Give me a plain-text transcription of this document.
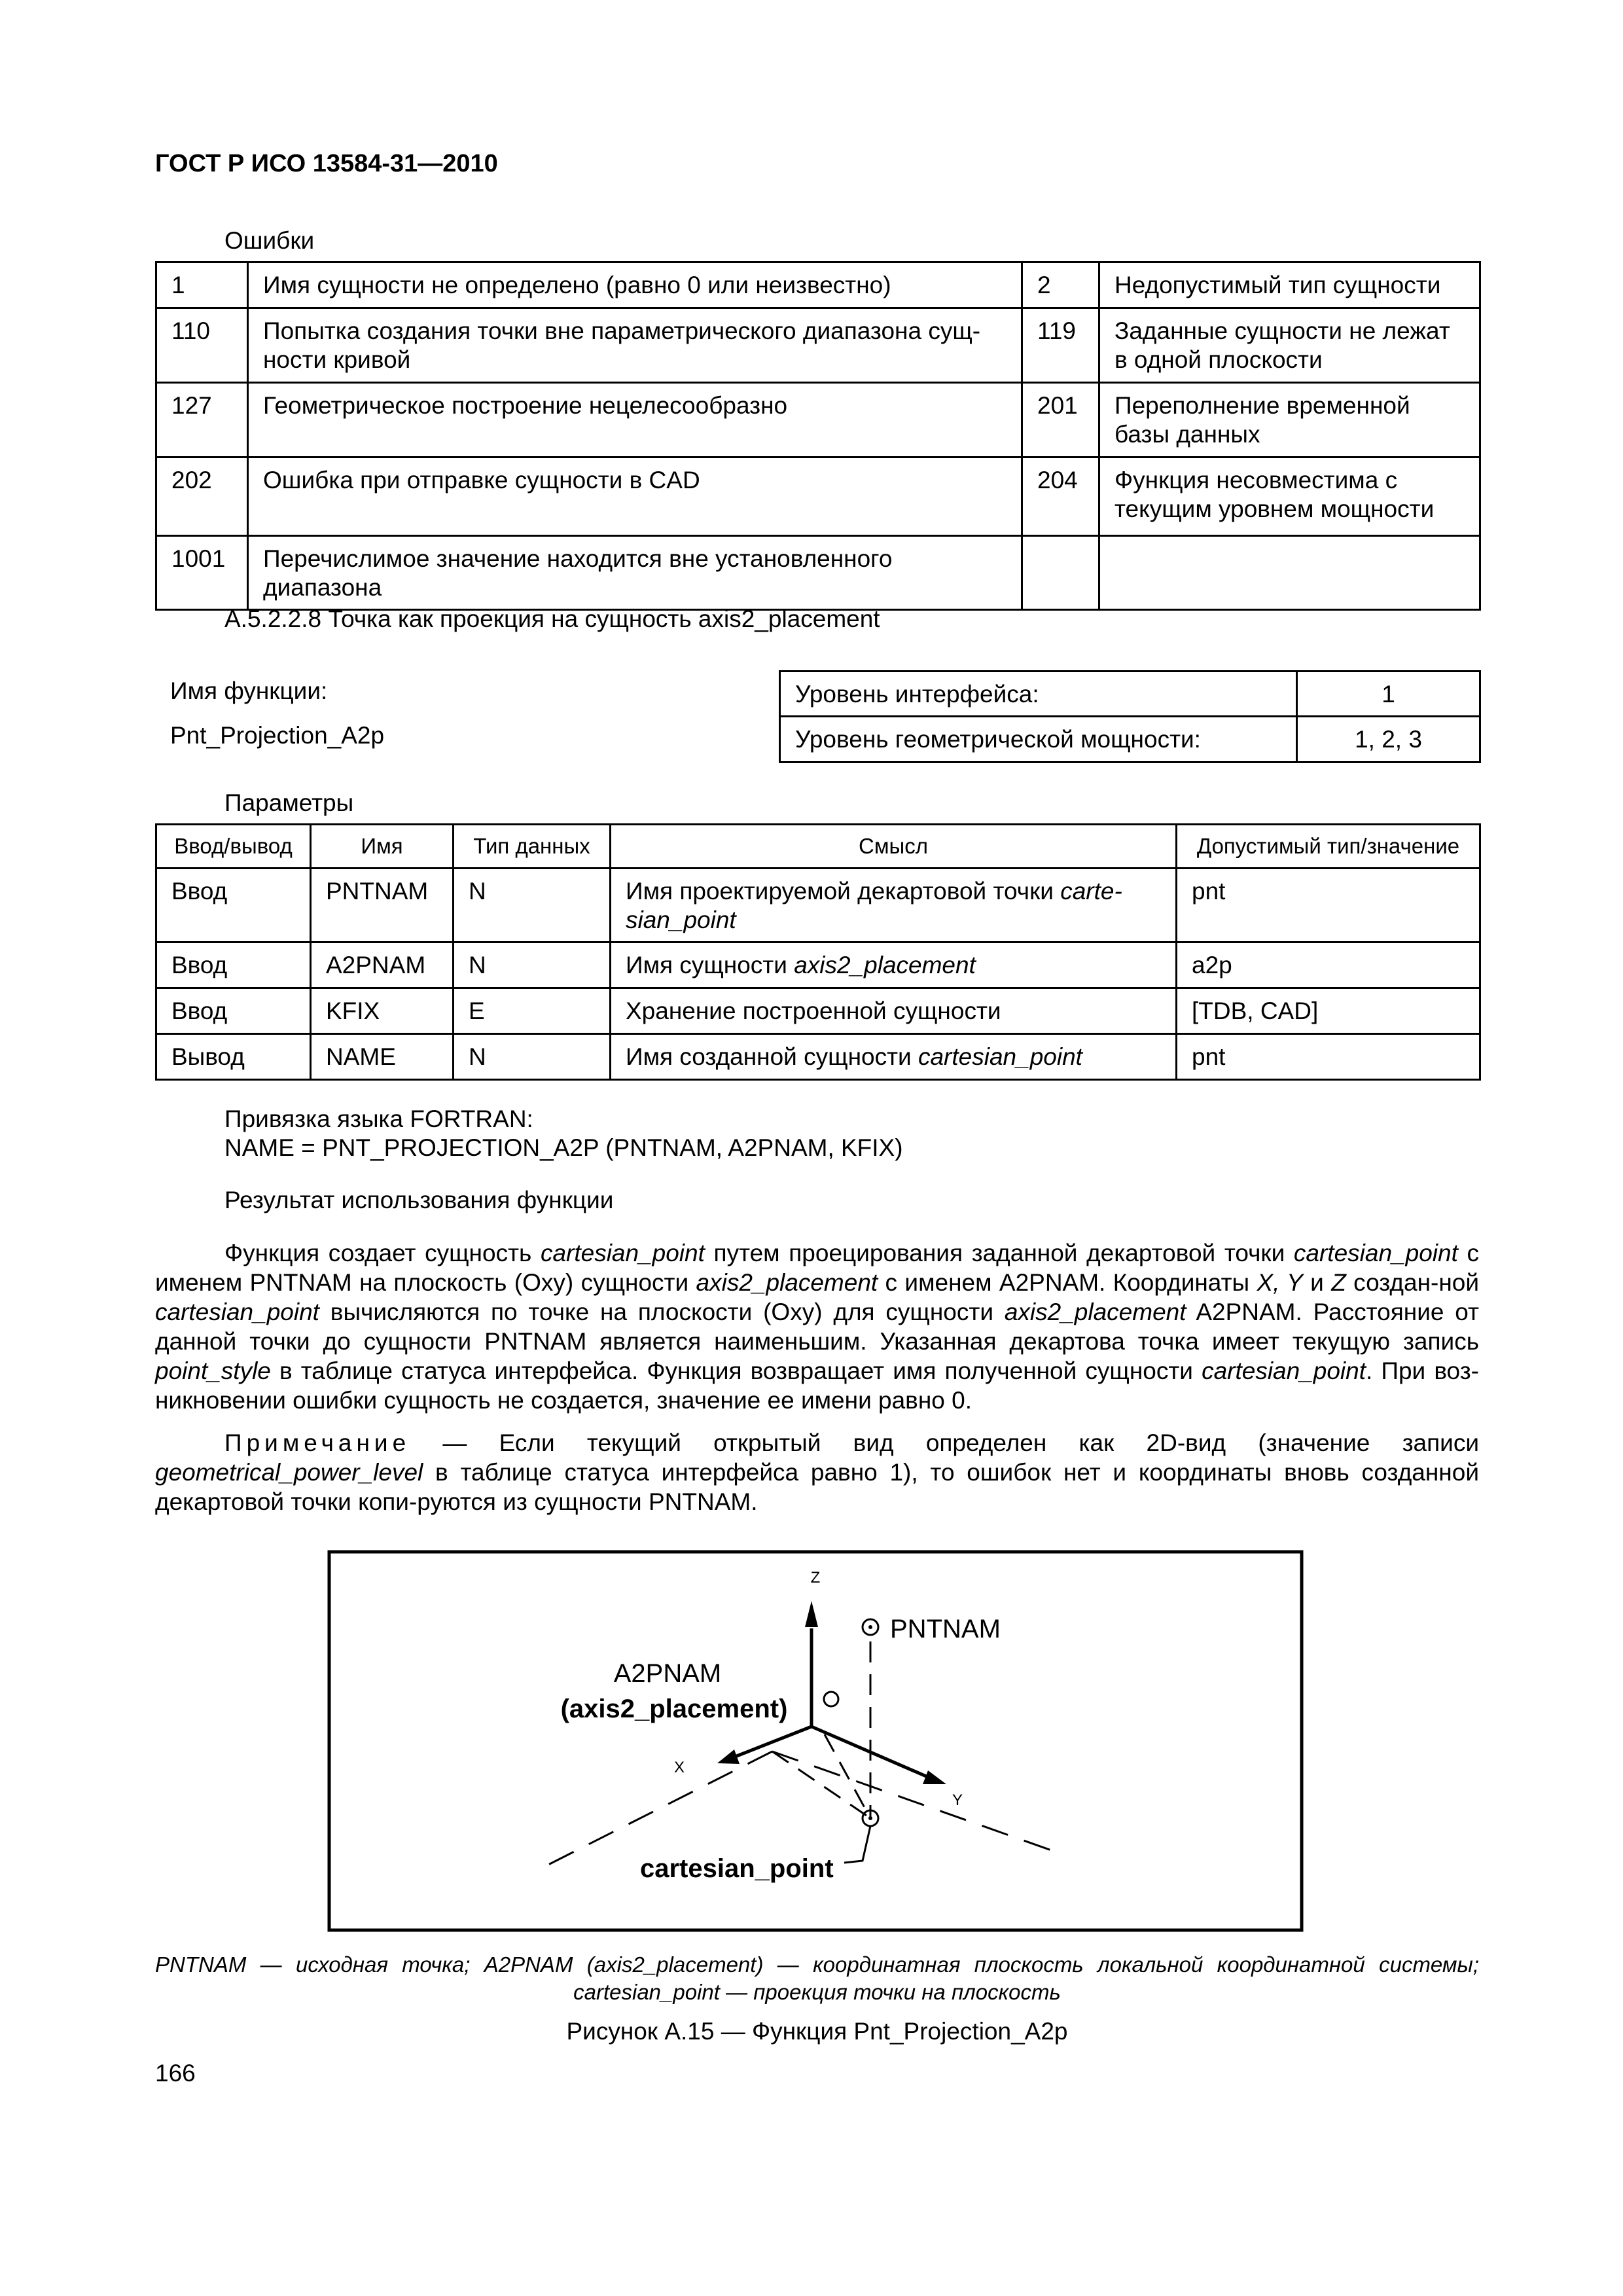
ГОСТ Р ИСО 13584-31—2010
Ошибки
1	Имя сущности не определено (равно 0 или неизвестно)	2	Недопустимый тип сущности
110	Попытка создания точки вне параметрического диапазона сущ-ности кривой	119	Заданные сущности не лежат в одной плоскости
127	Геометрическое построение нецелесообразно	201	Переполнение временной базы данных
202	Ошибка при отправке сущности в CAD	204	Функция несовместима с текущим уровнем мощности
1001	Перечислимое значение находится вне установленного диапазона		
A.5.2.2.8 Точка как проекция на сущность axis2_placement
Имя функции:
Pnt_Projection_A2p
Уровень интерфейса:	1
Уровень геометрической мощности:	1, 2, 3
Параметры
Ввод/вывод	Имя	Тип данных	Смысл	Допустимый тип/значение
Ввод	PNTNAM	N	Имя проектируемой декартовой точки carte-sian_point	pnt
Ввод	A2PNAM	N	Имя сущности axis2_placement	a2p
Ввод	KFIX	E	Хранение построенной сущности	[TDB, CAD]
Вывод	NAME	N	Имя созданной сущности cartesian_point	pnt
Привязка языка FORTRAN:
NAME = PNT_PROJECTION_A2P (PNTNAM, A2PNAM, KFIX)
Результат использования функции
Функция создает сущность cartesian_point путем проецирования заданной декартовой точки cartesian_point с именем PNTNAM на плоскость (Oxy) сущности axis2_placement с именем A2PNAM. Координаты X, Y и Z создан-ной cartesian_point вычисляются по точке на плоскости (Oxy) для сущности axis2_placement A2PNAM. Расстояние от данной точки до сущности PNTNAM является наименьшим. Указанная декартова точка имеет текущую запись point_style в таблице статуса интерфейса. Функция возвращает имя полученной сущности cartesian_point. При воз-никновении ошибки сущность не создается, значение ее имени равно 0.
Примечание — Если текущий открытый вид определен как 2D-вид (значение записи geometrical_power_level в таблице статуса интерфейса равно 1), то ошибок нет и координаты вновь созданной декартовой точки копи-руются из сущности PNTNAM.
Z
X
Y
PNTNAM
A2PNAM
(axis2_placement)
cartesian_point
PNTNAM — исходная точка; A2PNAM (axis2_placement) — координатная плоскость локальной координатной системы;
cartesian_point — проекция точки на плоскость
Рисунок A.15 — Функция Pnt_Projection_A2p
166
